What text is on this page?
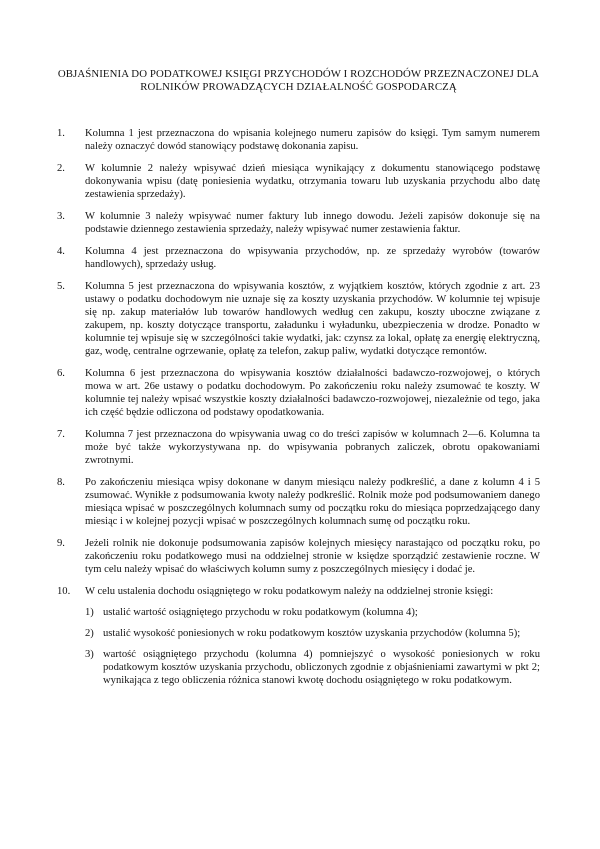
OBJAŚNIENIA DO PODATKOWEJ KSIĘGI PRZYCHODÓW I ROZCHODÓW PRZEZNACZONEJ DLA ROLNIKÓW PROWADZĄCYCH DZIAŁALNOŚĆ GOSPODARCZĄ

1.	Kolumna 1 jest przeznaczona do wpisania kolejnego numeru zapisów do księgi. Tym samym numerem należy oznaczyć dowód stanowiący podstawę dokonania zapisu.
2.	W kolumnie 2 należy wpisywać dzień miesiąca wynikający z dokumentu stanowiącego podstawę dokonywania wpisu (datę poniesienia wydatku, otrzymania towaru lub uzyskania przychodu albo datę zestawienia sprzedaży).
3.	W kolumnie 3 należy wpisywać numer faktury lub innego dowodu. Jeżeli zapisów dokonuje się na podstawie dziennego zestawienia sprzedaży, należy wpisywać numer zestawienia faktur.
4.	Kolumna 4 jest przeznaczona do wpisywania przychodów, np. ze sprzedaży wyrobów (towarów handlowych), sprzedaży usług.
5.	Kolumna 5 jest przeznaczona do wpisywania kosztów, z wyjątkiem kosztów, których zgodnie z art. 23 ustawy o podatku dochodowym nie uznaje się za koszty uzyskania przychodów. W kolumnie tej wpisuje się np. zakup materiałów lub towarów handlowych według cen zakupu, koszty uboczne związane z zakupem, np. koszty dotyczące transportu, załadunku i wyładunku, ubezpieczenia w drodze. Ponadto w kolumnie tej wpisuje się w szczególności takie wydatki, jak: czynsz za lokal, opłatę za energię elektryczną, gaz, wodę, centralne ogrzewanie, opłatę za telefon, zakup paliw, wydatki dotyczące remontów.
6.	Kolumna 6 jest przeznaczona do wpisywania kosztów działalności badawczo-rozwojowej, o których mowa w art. 26e ustawy o podatku dochodowym. Po zakończeniu roku należy zsumować te koszty. W kolumnie tej należy wpisać wszystkie koszty działalności badawczo-rozwojowej, niezależnie od tego, jaka ich część będzie odliczona od podstawy opodatkowania.
7.	Kolumna 7 jest przeznaczona do wpisywania uwag co do treści zapisów w kolumnach 2—6. Kolumna ta może być także wykorzystywana np. do wpisywania pobranych zaliczek, obrotu opakowaniami zwrotnymi.
8.	Po zakończeniu miesiąca wpisy dokonane w danym miesiącu należy podkreślić, a dane z kolumn 4 i 5 zsumować. Wynikłe z podsumowania kwoty należy podkreślić. Rolnik może pod podsumowaniem danego miesiąca wpisać w poszczególnych kolumnach sumy od początku roku do miesiąca poprzedzającego dany miesiąc i w kolejnej pozycji wpisać w poszczególnych kolumnach sumę od początku roku.
9.	Jeżeli rolnik nie dokonuje podsumowania zapisów kolejnych miesięcy narastająco od początku roku, po zakończeniu roku podatkowego musi na oddzielnej stronie w księdze sporządzić zestawienie roczne. W tym celu należy wpisać do właściwych kolumn sumy z poszczególnych miesięcy i dodać je.
10.	W celu ustalenia dochodu osiągniętego w roku podatkowym należy na oddzielnej stronie księgi:
1) ustalić wartość osiągniętego przychodu w roku podatkowym (kolumna 4);
2) ustalić wysokość poniesionych w roku podatkowym kosztów uzyskania przychodów (kolumna 5);
3) wartość osiągniętego przychodu (kolumna 4) pomniejszyć o wysokość poniesionych w roku podatkowym kosztów uzyskania przychodu, obliczonych zgodnie z objaśnieniami zawartymi w pkt 2; wynikająca z tego obliczenia różnica stanowi kwotę dochodu osiągniętego w roku podatkowym.
